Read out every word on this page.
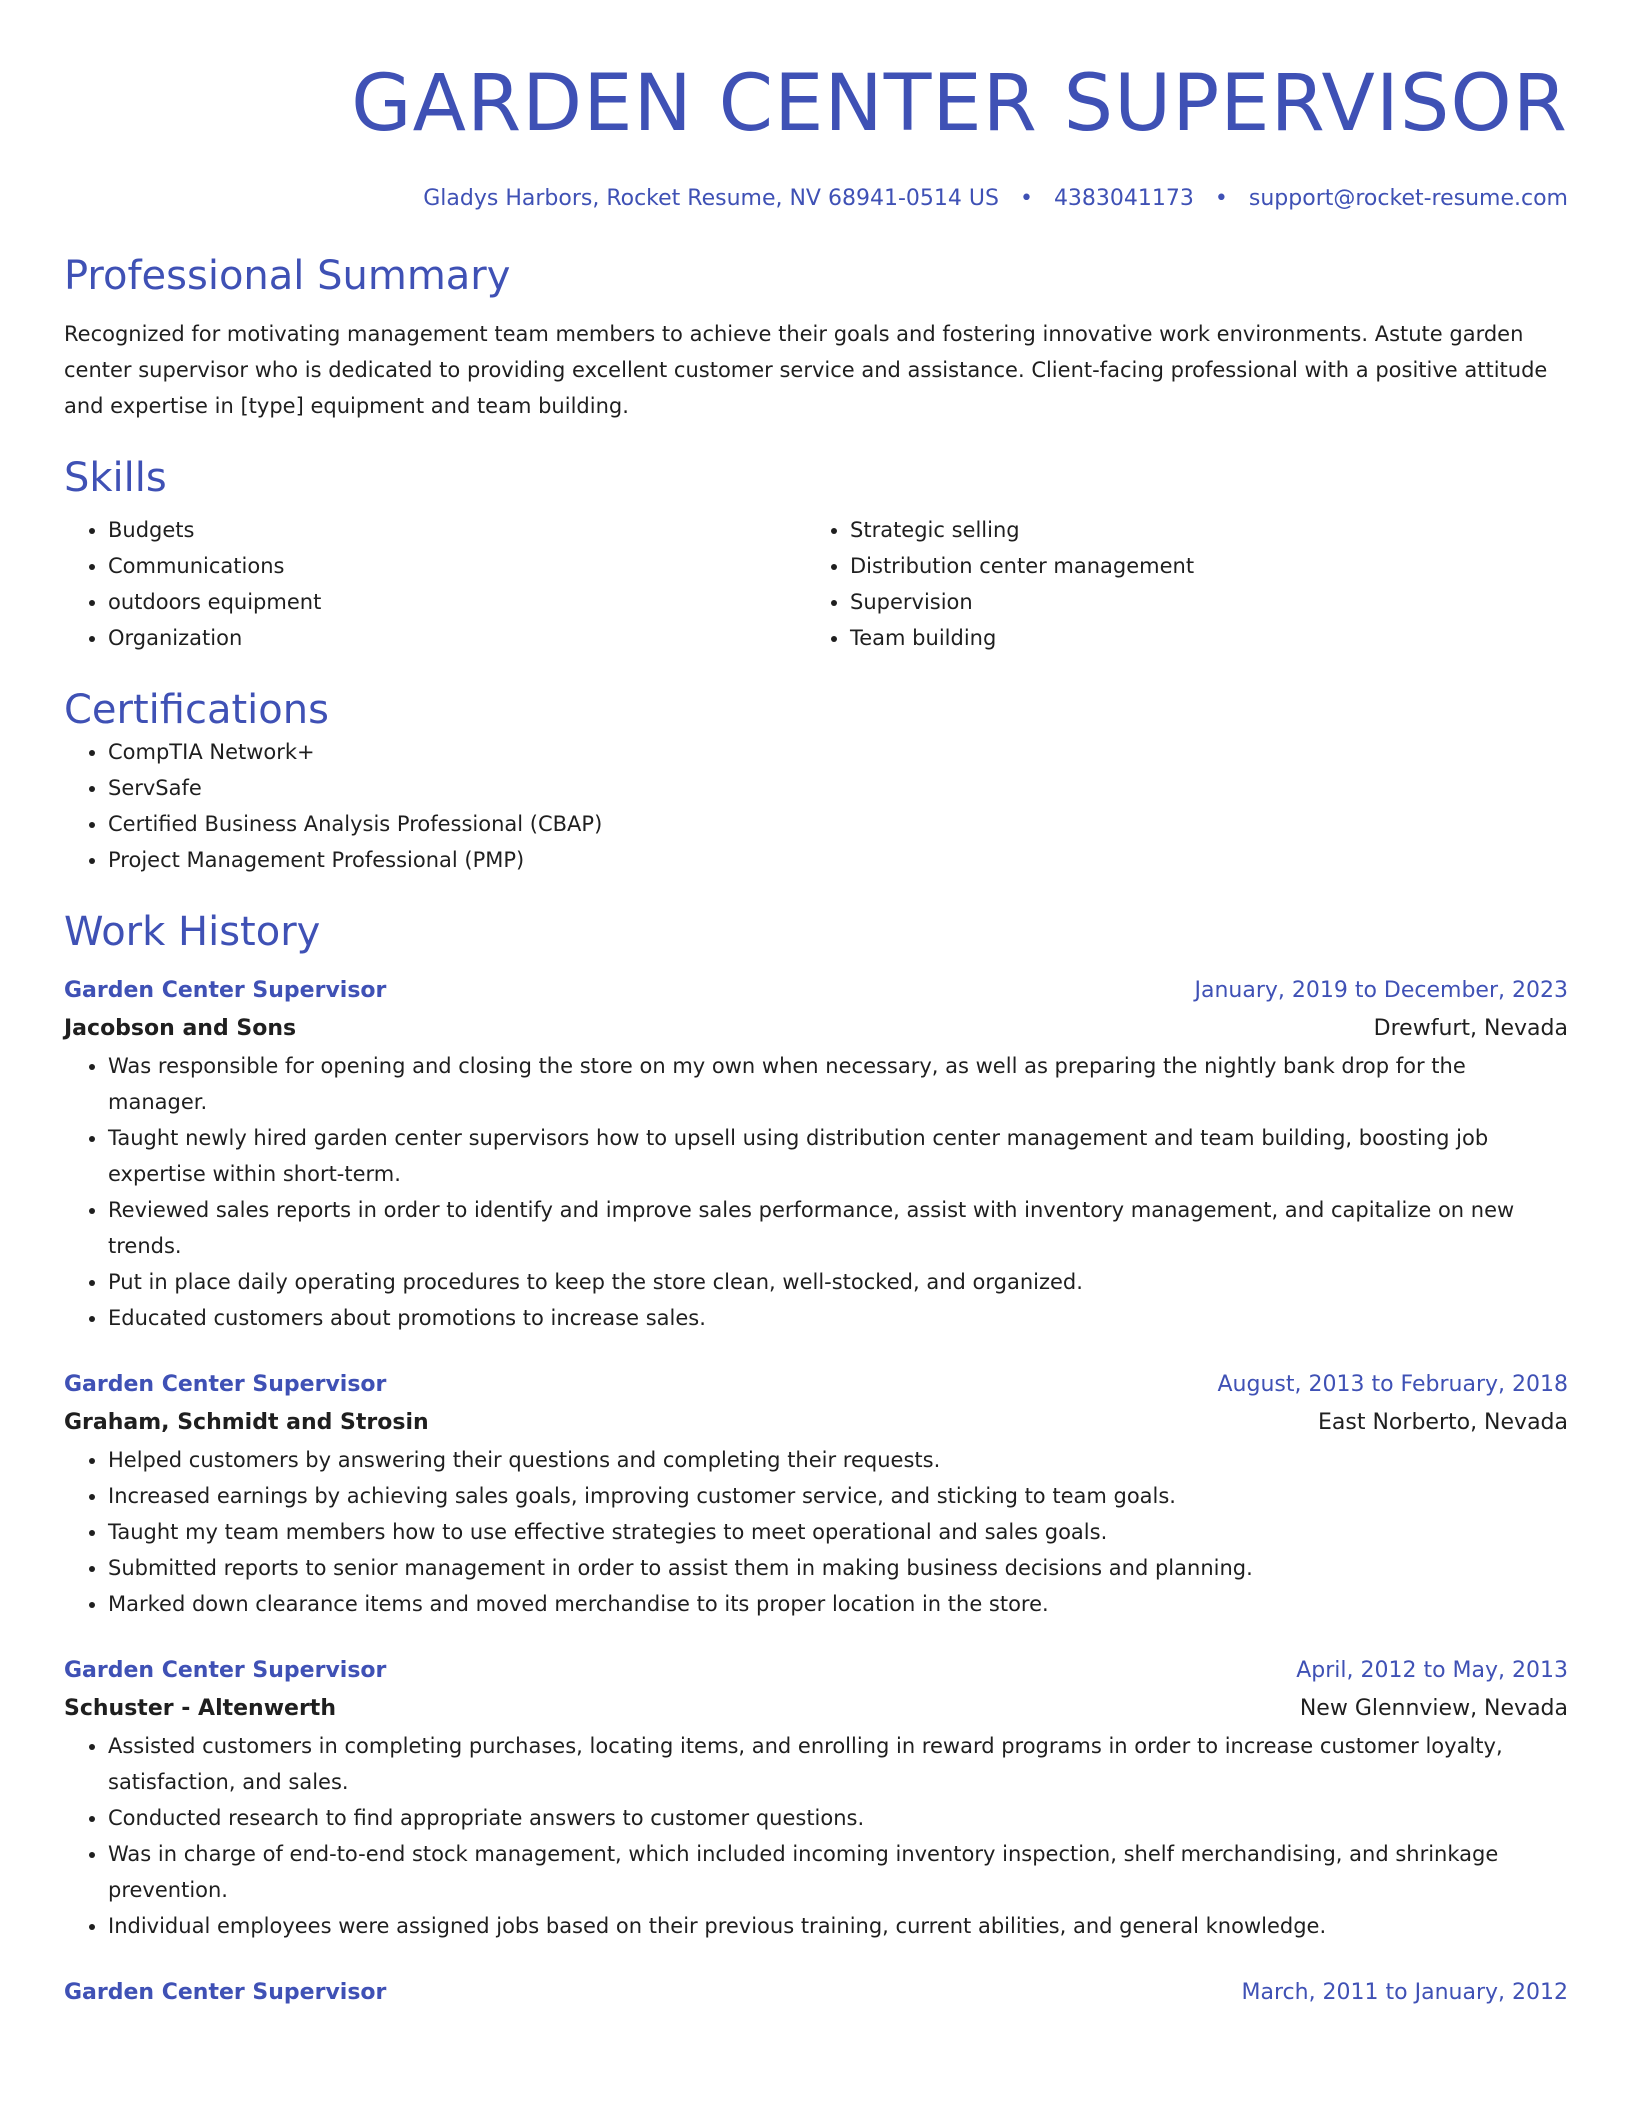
GARDEN CENTER SUPERVISOR
Gladys Harbors, Rocket Resume, NV 68941-0514 US • 4383041173 • support@rocket-resume.com
Professional Summary

Recognized for motivating management team members to achieve their goals and fostering innovative work environments. Astute garden center supervisor who is dedicated to providing excellent customer service and assistance. Client-facing professional with a positive attitude and expertise in [type] equipment and team building.

Skills
• Budgets
• Communications
• outdoors equipment
• Organization
• Strategic selling
• Distribution center management
• Supervision
• Team building
Certifications
• CompTIA Network+
• ServSafe
• Certified Business Analysis Professional (CBAP)
• Project Management Professional (PMP)
Work History
Garden Center Supervisor	January, 2019 to December, 2023
Jacobson and Sons	Drewfurt, Nevada
• Was responsible for opening and closing the store on my own when necessary, as well as preparing the nightly bank drop for the manager.
• Taught newly hired garden center supervisors how to upsell using distribution center management and team building, boosting job expertise within short-term.
• Reviewed sales reports in order to identify and improve sales performance, assist with inventory management, and capitalize on new trends.
• Put in place daily operating procedures to keep the store clean, well-stocked, and organized.
• Educated customers about promotions to increase sales.
Garden Center Supervisor	August, 2013 to February, 2018
Graham, Schmidt and Strosin	East Norberto, Nevada
• Helped customers by answering their questions and completing their requests.
• Increased earnings by achieving sales goals, improving customer service, and sticking to team goals.
• Taught my team members how to use effective strategies to meet operational and sales goals.
• Submitted reports to senior management in order to assist them in making business decisions and planning.
• Marked down clearance items and moved merchandise to its proper location in the store.
Garden Center Supervisor	April, 2012 to May, 2013
Schuster - Altenwerth	New Glennview, Nevada
• Assisted customers in completing purchases, locating items, and enrolling in reward programs in order to increase customer loyalty, satisfaction, and sales.
• Conducted research to find appropriate answers to customer questions.
• Was in charge of end-to-end stock management, which included incoming inventory inspection, shelf merchandising, and shrinkage prevention.
• Individual employees were assigned jobs based on their previous training, current abilities, and general knowledge.
Garden Center Supervisor	March, 2011 to January, 2012
